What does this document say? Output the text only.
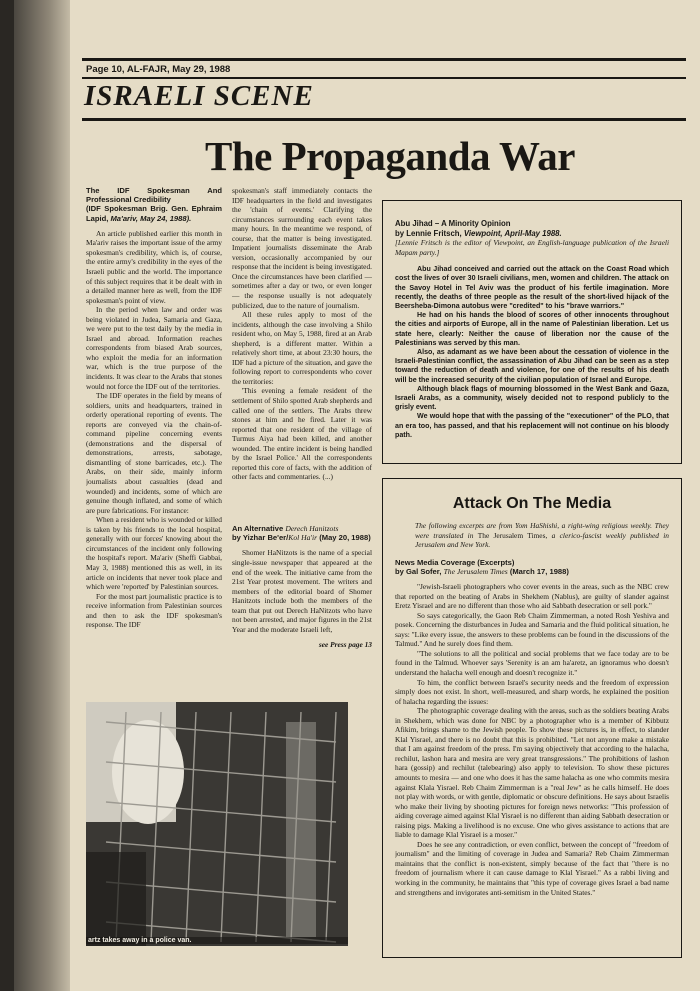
Page 10, AL-FAJR, May 29, 1988
ISRAELI SCENE
The Propaganda War
The IDF Spokesman And Professional Credibility
(IDF Spokesman Brig. Gen. Ephraim Lapid, Ma'ariv, May 24, 1988).

An article published earlier this month in Ma'ariv raises the important issue of the army spokesman's credibility, which is, of course, the entire army's credibility in the eyes of the Israeli public and the world. The importance of this subject requires that it be dealt with in a detailed manner here as well, from the IDF spokesman's point of view.

In the period when law and order was being violated in Judea, Samaria and Gaza, we were put to the test daily by the media in Israel and abroad. Information reaches correspondents from biased Arab sources, who exploit the media for an information war, which is the true purpose of the incidents. It was clear to the Arabs that stones would not force the IDF out of the territories.

The IDF operates in the field by means of soldiers, units and headquarters, trained in orderly operational reporting of events. The reports are conveyed via the chain-of-command pipeline concerning events (demonstrations and the dispersal of demonstrations, arrests, sabotage, dismantling of stone barricades, etc.). The Arabs, on their side, mainly inform journalists about casualties (dead and wounded) and incidents, some of which are genuine though inflated, and some of which are pure fabrications. For instance:

When a resident who is wounded or killed is taken by his friends to the local hospital, generally with our forces' knowing about the circumstances of the incident only following the hospital's report. Ma'ariv (Sheffi Gabbai, May 3, 1988) mentioned this as well, in its article on incidents that never took place and which were 'reported' by Palestinian sources.

For the most part journalistic practice is to receive information from Palestinian sources and then to ask the IDF spokesman's response. The IDF

spokesman's staff immediately contacts the IDF headquarters in the field and investigates the 'chain of events.' Clarifying the circumstances surrounding each event takes many hours. In the meantime we respond, of course, that the matter is being investigated. Impatient journalists disseminate the Arab version, occasionally accompanied by our response that the incident is being investigated. Once the circumstances have been clarified — sometimes after a day or two, or even longer — the response usually is not adequately publicized, due to the nature of journalism.

All these rules apply to most of the incidents, although the case involving a Shilo resident who, on May 5, 1988, fired at an Arab shepherd, is a different matter. Within a relatively short time, at about 23:30 hours, the IDF had a picture of the situation, and gave the following report to correspondents who cover the territories:

'This evening a female resident of the settlement of Shilo spotted Arab shepherds and called one of the settlers. The Arabs threw stones at him and he fired. Later it was reported that one resident of the village of Turmus Aiya had been killed, and another wounded. The entire incident is being handled by the Israel Police.' All the correspondents reported this core of facts, with the addition of other facts and commentaries. (...)

An Alternative Derech Hanitzots
by Yizhar Be'er/Kol Ha'ir (May 20, 1988)

Shomer HaNitzots is the name of a special single-issue newspaper that appeared at the end of the week. The initiative came from the 21st Year protest movement. The writers and members of the editorial board of Shomer Hanitzots include both the members of the team that put out Derech HaNitzots who have not been arrested, and major figures in the 21st Year and the moderate Israeli left,

see Press page 13
artz takes away in a police van.
Abu Jihad – A Minority Opinion
by Lennie Fritsch, Viewpoint, April-May 1988.
[Lennie Fritsch is the editor of Viewpoint, an English-language publication of the Israeli Mapam party.]

Abu Jihad conceived and carried out the attack on the Coast Road which cost the lives of over 30 Israeli civilians, men, women and children. The attack on the Savoy Hotel in Tel Aviv was the product of his fertile imagination. More recently, the deaths of three people as the result of the short-lived hijack of the Beersheba-Dimona autobus were "credited" to his "brave warriors."

He had on his hands the blood of scores of other innocents throughout the cities and airports of Europe, all in the name of Palestinian liberation. Let us state here, clearly: Neither the cause of liberation nor the cause of the Palestinians was served by this man.

Also, as adamant as we have been about the cessation of violence in the Israeli-Palestinian conflict, the assassination of Abu Jihad can be seen as a step toward the reduction of death and violence, for one of the results of his death will be the increased security of the civilian population of Israel and Europe.

Although black flags of mourning blossomed in the West Bank and Gaza, Israeli Arabs, as a community, wisely decided not to respond publicly to the grisly event.

We would hope that with the passing of the "executioner" of the PLO, that an era too, has passed, and that his replacement will not continue on his bloody path.

Attack On The Media
The following excerpts are from Yom HaShishi, a right-wing religious weekly. They were translated in The Jerusalem Times, a clerico-fascist weekly published in Jerusalem and New York.
News Media Coverage (Excerpts)
by Gal Sofer, The Jerusalem Times (March 17, 1988)

"Jewish-Israeli photographers who cover events in the areas, such as the NBC crew that reported on the beating of Arabs in Shekhem (Nablus), are guilty of slander against Eretz Yisrael and are no different than those who aid Sabbath desecration or sell pork."

So says categorically, the Gaon Reb Chaim Zimmerman, a noted Rosh Yeshiva and posek. Concerning the disturbances in Judea and Samaria and the fluid political situation, he says: "Like every issue, the answers to these problems can be found in the discussions of the Talmud." And he surely does find them.

"The solutions to all the political and social problems that we face today are to be found in the Talmud. Whoever says 'Serenity is an am ha'aretz, an ignoramus who doesn't understand the halacha well enough and doesn't recognize it."

To him, the conflict between Israel's security needs and the freedom of expression simply does not exist. In short, well-measured, and sharp words, he explained the position of halacha regarding the issues:

The photographic coverage dealing with the areas, such as the soldiers beating Arabs in Shekhem, which was done for NBC by a photographer who is a member of Kibbutz Afikim, brings shame to the Jewish people. To show these pictures is, in effect, to slander Klal Yisrael, and there is no doubt that this is prohibited. "Let not anyone make a mistake that I am against freedom of the press. I'm saying objectively that according to the halacha, rechilut, lashon hara and mesira are very great transgressions." The prohibitions of lashon hara (gossip) and rechilut (talebearing) also apply to television. To show these pictures amounts to mesira — and one who does it has the same halacha as one who commits mesira against Klala Yisrael. Reb Chaim Zimmerman is a "real Jew" as he calls himself. He does not play with words, or with gentle, diplomatic or obscure definitions. He says about Israelis who make their living by shooting pictures for foreign news networks: "This profession of aiding coverage aimed against Klal Yisrael is no different than aiding Sabbath desecration or raising pigs. Making a livelihood is no excuse. One who gives assistance to actions that are liable to damage Klal Yisrael is a moser."

Does he see any contradiction, or even conflict, between the concept of "freedom of journalism" and the limiting of coverage in Judea and Samaria? Reb Chaim Zimmerman maintains that the conflict is non-existent, simply because of the fact that "there is no freedom of journalism where it can cause damage to Klal Yisrael." As a rabbi living and working in the community, he maintains that "this type of coverage gives Israel a bad name and strengthens and invigorates anti-semitism in the United States."
